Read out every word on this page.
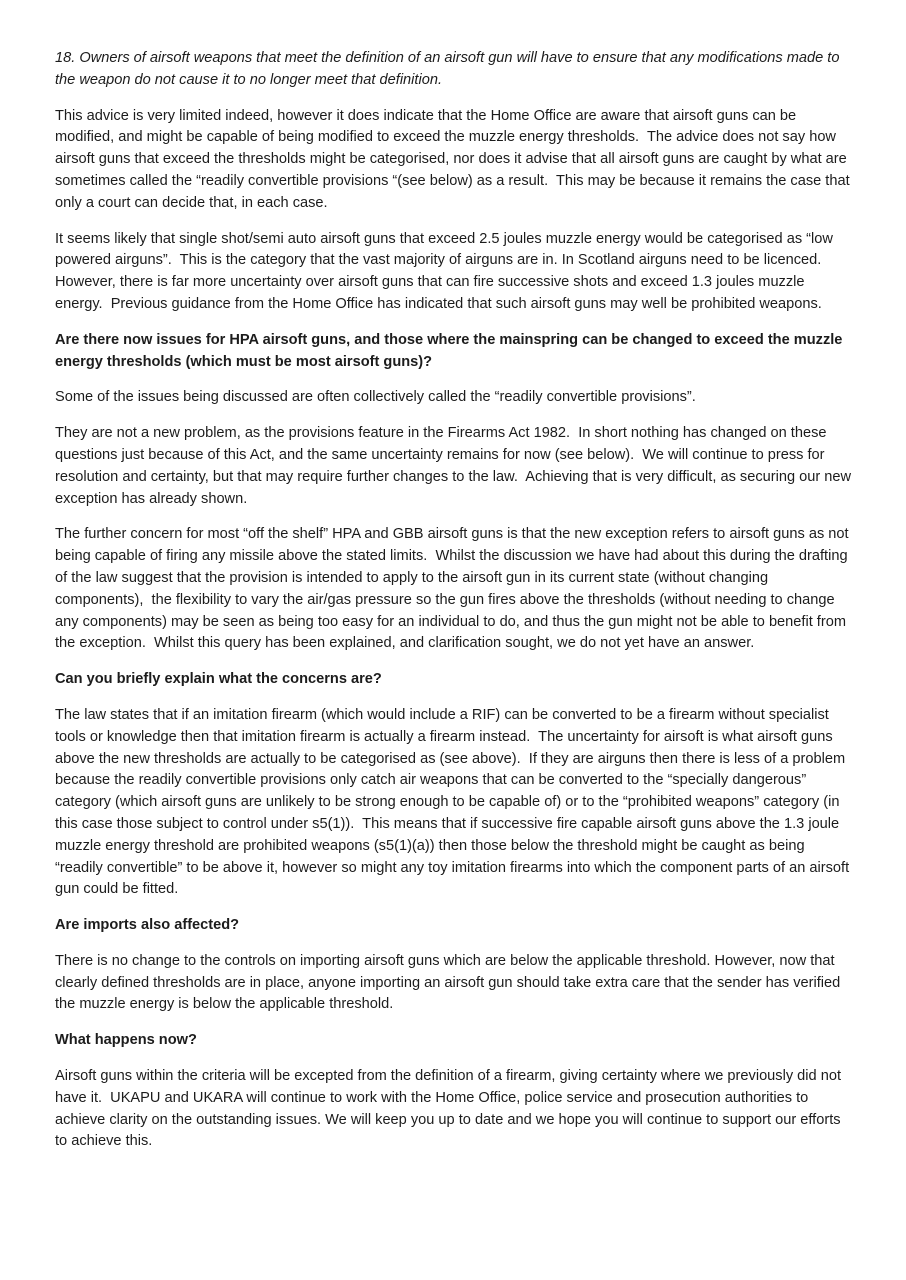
18. Owners of airsoft weapons that meet the definition of an airsoft gun will have to ensure that any modifications made to the weapon do not cause it to no longer meet that definition.

This advice is very limited indeed, however it does indicate that the Home Office are aware that airsoft guns can be modified, and might be capable of being modified to exceed the muzzle energy thresholds.  The advice does not say how airsoft guns that exceed the thresholds might be categorised, nor does it advise that all airsoft guns are caught by what are sometimes called the “readily convertible provisions “(see below) as a result.  This may be because it remains the case that only a court can decide that, in each case.

It seems likely that single shot/semi auto airsoft guns that exceed 2.5 joules muzzle energy would be categorised as “low powered airguns”.  This is the category that the vast majority of airguns are in. In Scotland airguns need to be licenced.  However, there is far more uncertainty over airsoft guns that can fire successive shots and exceed 1.3 joules muzzle energy.  Previous guidance from the Home Office has indicated that such airsoft guns may well be prohibited weapons.

Are there now issues for HPA airsoft guns, and those where the mainspring can be changed to exceed the muzzle energy thresholds (which must be most airsoft guns)?

Some of the issues being discussed are often collectively called the “readily convertible provisions”.

They are not a new problem, as the provisions feature in the Firearms Act 1982.  In short nothing has changed on these questions just because of this Act, and the same uncertainty remains for now (see below).  We will continue to press for resolution and certainty, but that may require further changes to the law.  Achieving that is very difficult, as securing our new exception has already shown.

The further concern for most “off the shelf” HPA and GBB airsoft guns is that the new exception refers to airsoft guns as not being capable of firing any missile above the stated limits.  Whilst the discussion we have had about this during the drafting of the law suggest that the provision is intended to apply to the airsoft gun in its current state (without changing components),  the flexibility to vary the air/gas pressure so the gun fires above the thresholds (without needing to change any components) may be seen as being too easy for an individual to do, and thus the gun might not be able to benefit from the exception.  Whilst this query has been explained, and clarification sought, we do not yet have an answer.

Can you briefly explain what the concerns are?

The law states that if an imitation firearm (which would include a RIF) can be converted to be a firearm without specialist tools or knowledge then that imitation firearm is actually a firearm instead.  The uncertainty for airsoft is what airsoft guns above the new thresholds are actually to be categorised as (see above).  If they are airguns then there is less of a problem because the readily convertible provisions only catch air weapons that can be converted to the “specially dangerous” category (which airsoft guns are unlikely to be strong enough to be capable of) or to the “prohibited weapons” category (in this case those subject to control under s5(1)).  This means that if successive fire capable airsoft guns above the 1.3 joule muzzle energy threshold are prohibited weapons (s5(1)(a)) then those below the threshold might be caught as being “readily convertible” to be above it, however so might any toy imitation firearms into which the component parts of an airsoft gun could be fitted.

Are imports also affected?

There is no change to the controls on importing airsoft guns which are below the applicable threshold. However, now that clearly defined thresholds are in place, anyone importing an airsoft gun should take extra care that the sender has verified the muzzle energy is below the applicable threshold.

What happens now?

Airsoft guns within the criteria will be excepted from the definition of a firearm, giving certainty where we previously did not have it.  UKAPU and UKARA will continue to work with the Home Office, police service and prosecution authorities to achieve clarity on the outstanding issues. We will keep you up to date and we hope you will continue to support our efforts to achieve this.
